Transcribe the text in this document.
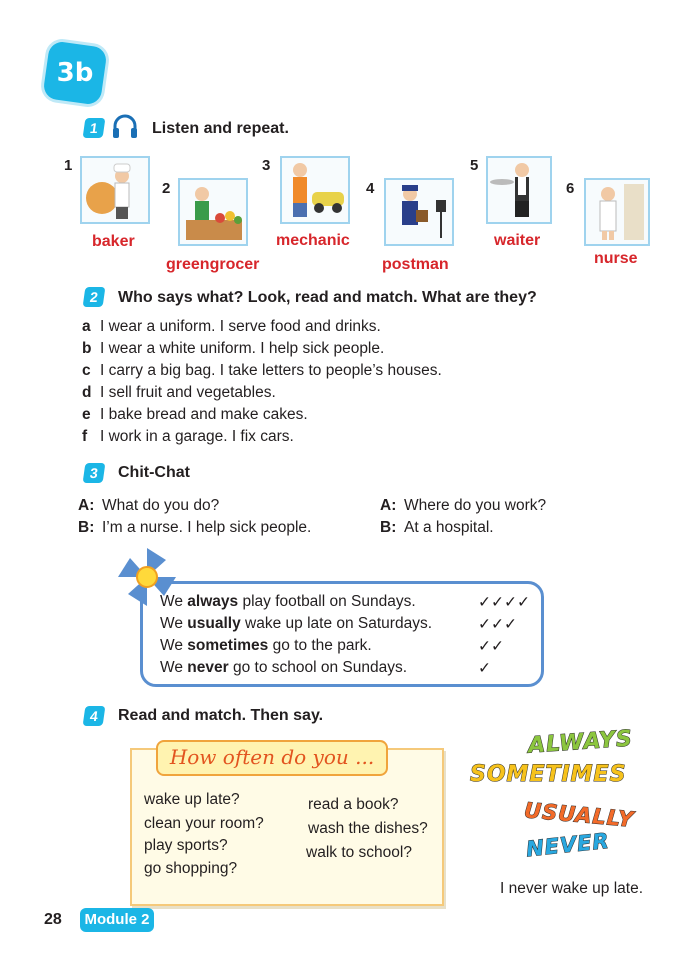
3b
1	Listen and repeat.
1
baker
2
greengrocer
3
mechanic
4
postman
5
waiter
6
nurse
2	Who says what? Look, read and match. What are they?
a I wear a uniform. I serve food and drinks.
b I wear a white uniform. I help sick people.
c I carry a big bag. I take letters to people’s houses.
d I sell fruit and vegetables.
e I bake bread and make cakes.
f I work in a garage. I fix cars.
3	Chit-Chat
A: What do you do?
B: I’m a nurse. I help sick people.
A: Where do you work?
B: At a hospital.
We always play football on Sundays.	✓✓✓✓
We usually wake up late on Saturdays.	✓✓✓
We sometimes go to the park.	✓✓
We never go to school on Sundays.	✓
4	Read and match. Then say.
How often do you ...
wake up late?
clean your room?
play sports?
go shopping?
read a book?
wash the dishes?
walk to school?
ALWAYS
SOMETIMES
USUALLY
NEVER
I never wake up late.
28 Module 2
